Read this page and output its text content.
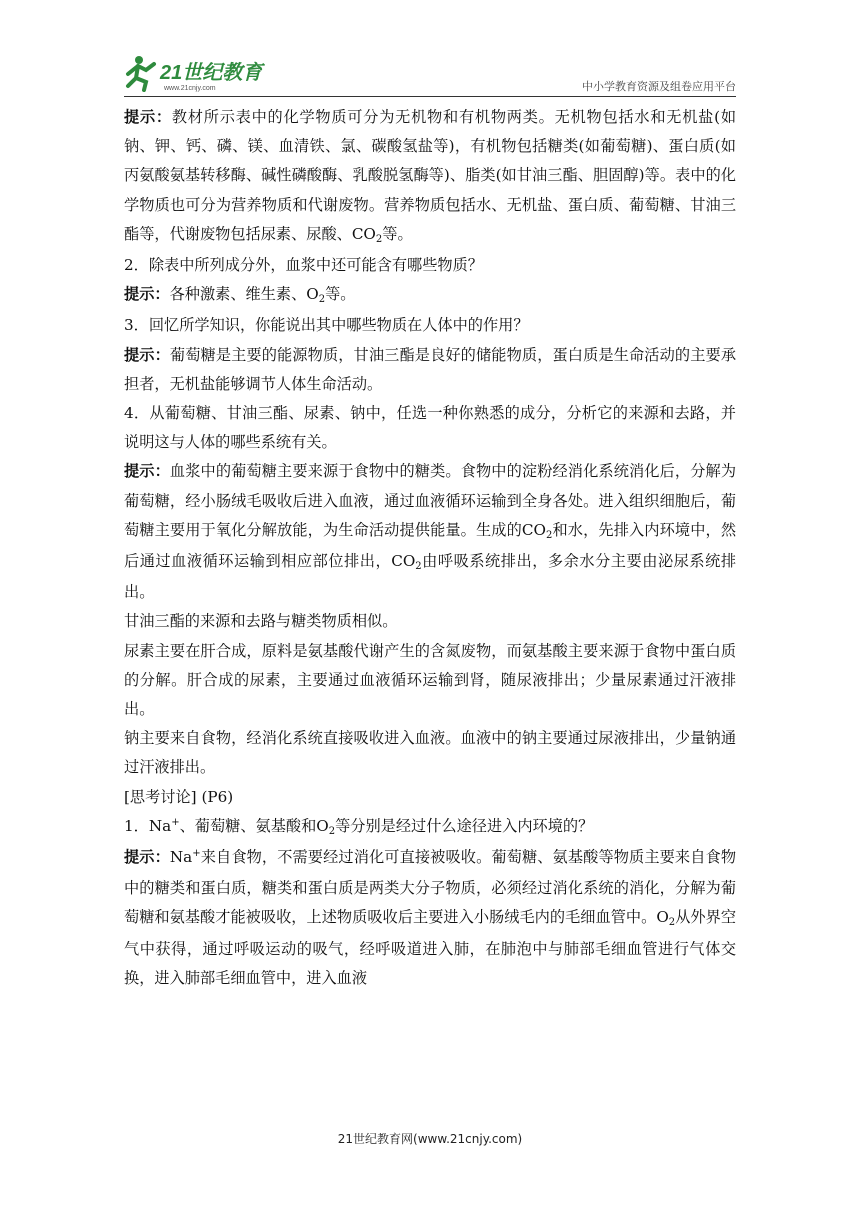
21世纪教育
www.21cnjy.com	中小学教育资源及组卷应用平台

提示：教材所示表中的化学物质可分为无机物和有机物两类。无机物包括水和无机盐(如钠、钾、钙、磷、镁、血清铁、氯、碳酸氢盐等)，有机物包括糖类(如葡萄糖)、蛋白质(如丙氨酸氨基转移酶、碱性磷酸酶、乳酸脱氢酶等)、脂类(如甘油三酯、胆固醇)等。表中的化学物质也可分为营养物质和代谢废物。营养物质包括水、无机盐、蛋白质、葡萄糖、甘油三酯等，代谢废物包括尿素、尿酸、CO2等。

2．除表中所列成分外，血浆中还可能含有哪些物质？

提示：各种激素、维生素、O2等。

3．回忆所学知识，你能说出其中哪些物质在人体中的作用？

提示：葡萄糖是主要的能源物质，甘油三酯是良好的储能物质，蛋白质是生命活动的主要承担者，无机盐能够调节人体生命活动。

4．从葡萄糖、甘油三酯、尿素、钠中，任选一种你熟悉的成分，分析它的来源和去路，并说明这与人体的哪些系统有关。

提示：血浆中的葡萄糖主要来源于食物中的糖类。食物中的淀粉经消化系统消化后，分解为葡萄糖，经小肠绒毛吸收后进入血液，通过血液循环运输到全身各处。进入组织细胞后，葡萄糖主要用于氧化分解放能，为生命活动提供能量。生成的CO2和水，先排入内环境中，然后通过血液循环运输到相应部位排出，CO2由呼吸系统排出，多余水分主要由泌尿系统排出。

甘油三酯的来源和去路与糖类物质相似。

尿素主要在肝合成，原料是氨基酸代谢产生的含氮废物，而氨基酸主要来源于食物中蛋白质的分解。肝合成的尿素，主要通过血液循环运输到肾，随尿液排出；少量尿素通过汗液排出。

钠主要来自食物，经消化系统直接吸收进入血液。血液中的钠主要通过尿液排出，少量钠通过汗液排出。

[思考讨论] (P6)

1．Na+、葡萄糖、氨基酸和O2等分别是经过什么途径进入内环境的？

提示：Na+来自食物，不需要经过消化可直接被吸收。葡萄糖、氨基酸等物质主要来自食物中的糖类和蛋白质，糖类和蛋白质是两类大分子物质，必须经过消化系统的消化，分解为葡萄糖和氨基酸才能被吸收，上述物质吸收后主要进入小肠绒毛内的毛细血管中。O2从外界空气中获得，通过呼吸运动的吸气，经呼吸道进入肺，在肺泡中与肺部毛细血管进行气体交换，进入肺部毛细血管中，进入血液

21世纪教育网(www.21cnjy.com)
